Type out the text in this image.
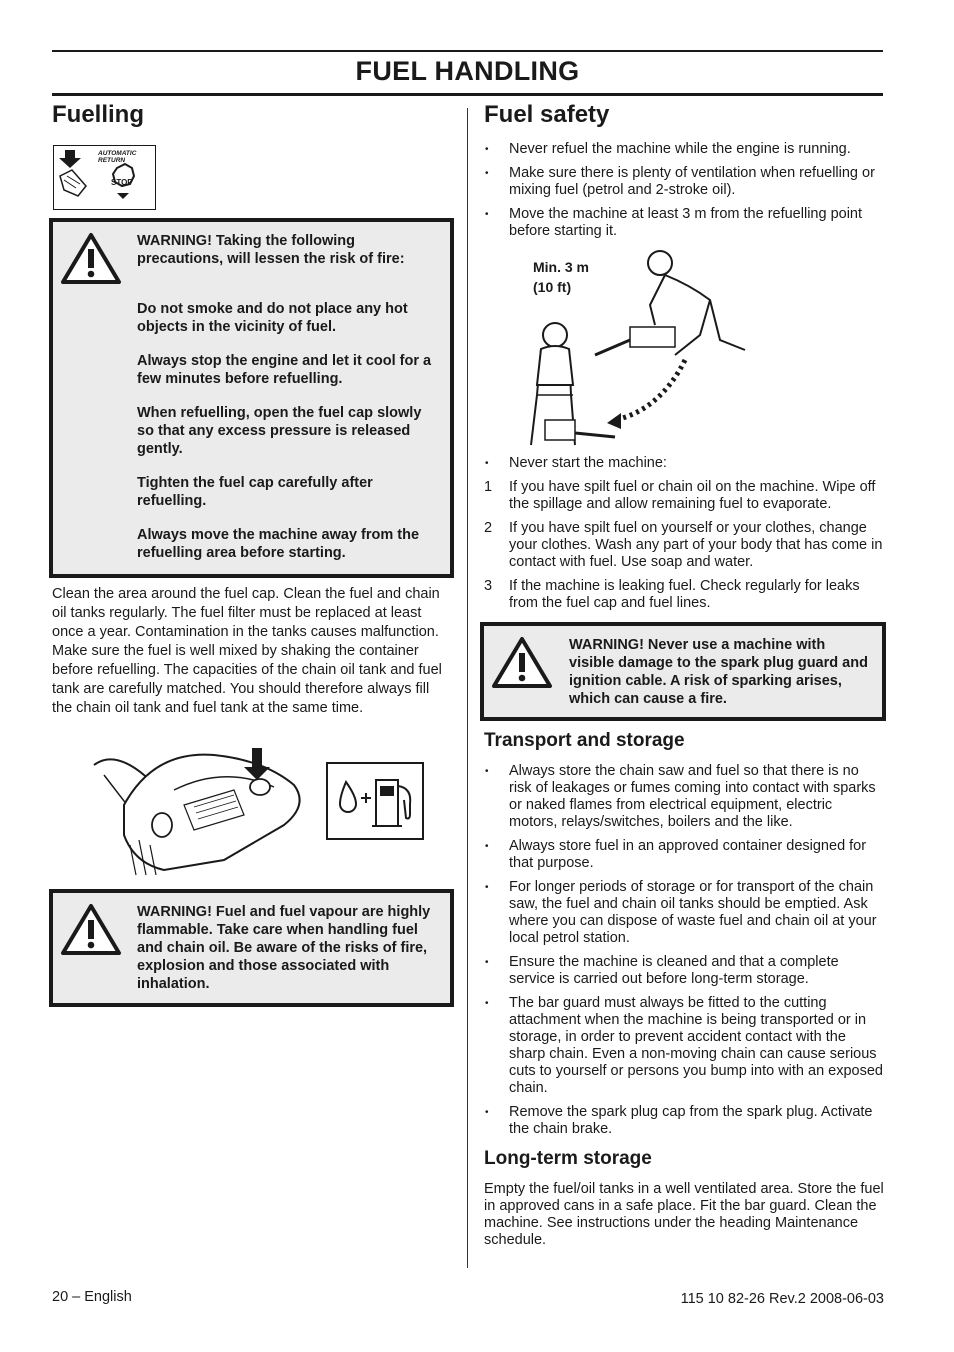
FUEL HANDLING
Fuelling
AUTOMATIC RETURN
STOP

WARNING! Taking the following precautions, will lessen the risk of fire:

Do not smoke and do not place any hot objects in the vicinity of fuel.

Always stop the engine and let it cool for a few minutes before refuelling.

When refuelling, open the fuel cap slowly so that any excess pressure is released gently.

Tighten the fuel cap carefully after refuelling.

Always move the machine away from the refuelling area before starting.

Clean the area around the fuel cap. Clean the fuel and chain oil tanks regularly. The fuel filter must be replaced at least once a year. Contamination in the tanks causes malfunction. Make sure the fuel is well mixed by shaking the container before refuelling. The capacities of the chain oil tank and fuel tank are carefully matched. You should therefore always fill the chain oil tank and fuel tank at the same time.

WARNING! Fuel and fuel vapour are highly flammable. Take care when handling fuel and chain oil. Be aware of the risks of fire, explosion and those associated with inhalation.

Fuel safety
• Never refuel the machine while the engine is running.
• Make sure there is plenty of ventilation when refuelling or mixing fuel (petrol and 2-stroke oil).
• Move the machine at least 3 m from the refuelling point before starting it.
Min. 3 m
(10 ft)
• Never start the machine:
1 If you have spilt fuel or chain oil on the machine. Wipe off the spillage and allow remaining fuel to evaporate.
2 If you have spilt fuel on yourself or your clothes, change your clothes. Wash any part of your body that has come in contact with fuel. Use soap and water.
3 If the machine is leaking fuel. Check regularly for leaks from the fuel cap and fuel lines.

WARNING! Never use a machine with visible damage to the spark plug guard and ignition cable. A risk of sparking arises, which can cause a fire.

Transport and storage
• Always store the chain saw and fuel so that there is no risk of leakages or fumes coming into contact with sparks or naked flames from electrical equipment, electric motors, relays/switches, boilers and the like.
• Always store fuel in an approved container designed for that purpose.
• For longer periods of storage or for transport of the chain saw, the fuel and chain oil tanks should be emptied. Ask where you can dispose of waste fuel and chain oil at your local petrol station.
• Ensure the machine is cleaned and that a complete service is carried out before long-term storage.
• The bar guard must always be fitted to the cutting attachment when the machine is being transported or in storage, in order to prevent accident contact with the sharp chain. Even a non-moving chain can cause serious cuts to yourself or persons you bump into with an exposed chain.
• Remove the spark plug cap from the spark plug. Activate the chain brake.
Long-term storage

Empty the fuel/oil tanks in a well ventilated area. Store the fuel in approved cans in a safe place. Fit the bar guard. Clean the machine. See instructions under the heading Maintenance schedule.

20 – English	115 10 82-26 Rev.2 2008-06-03
